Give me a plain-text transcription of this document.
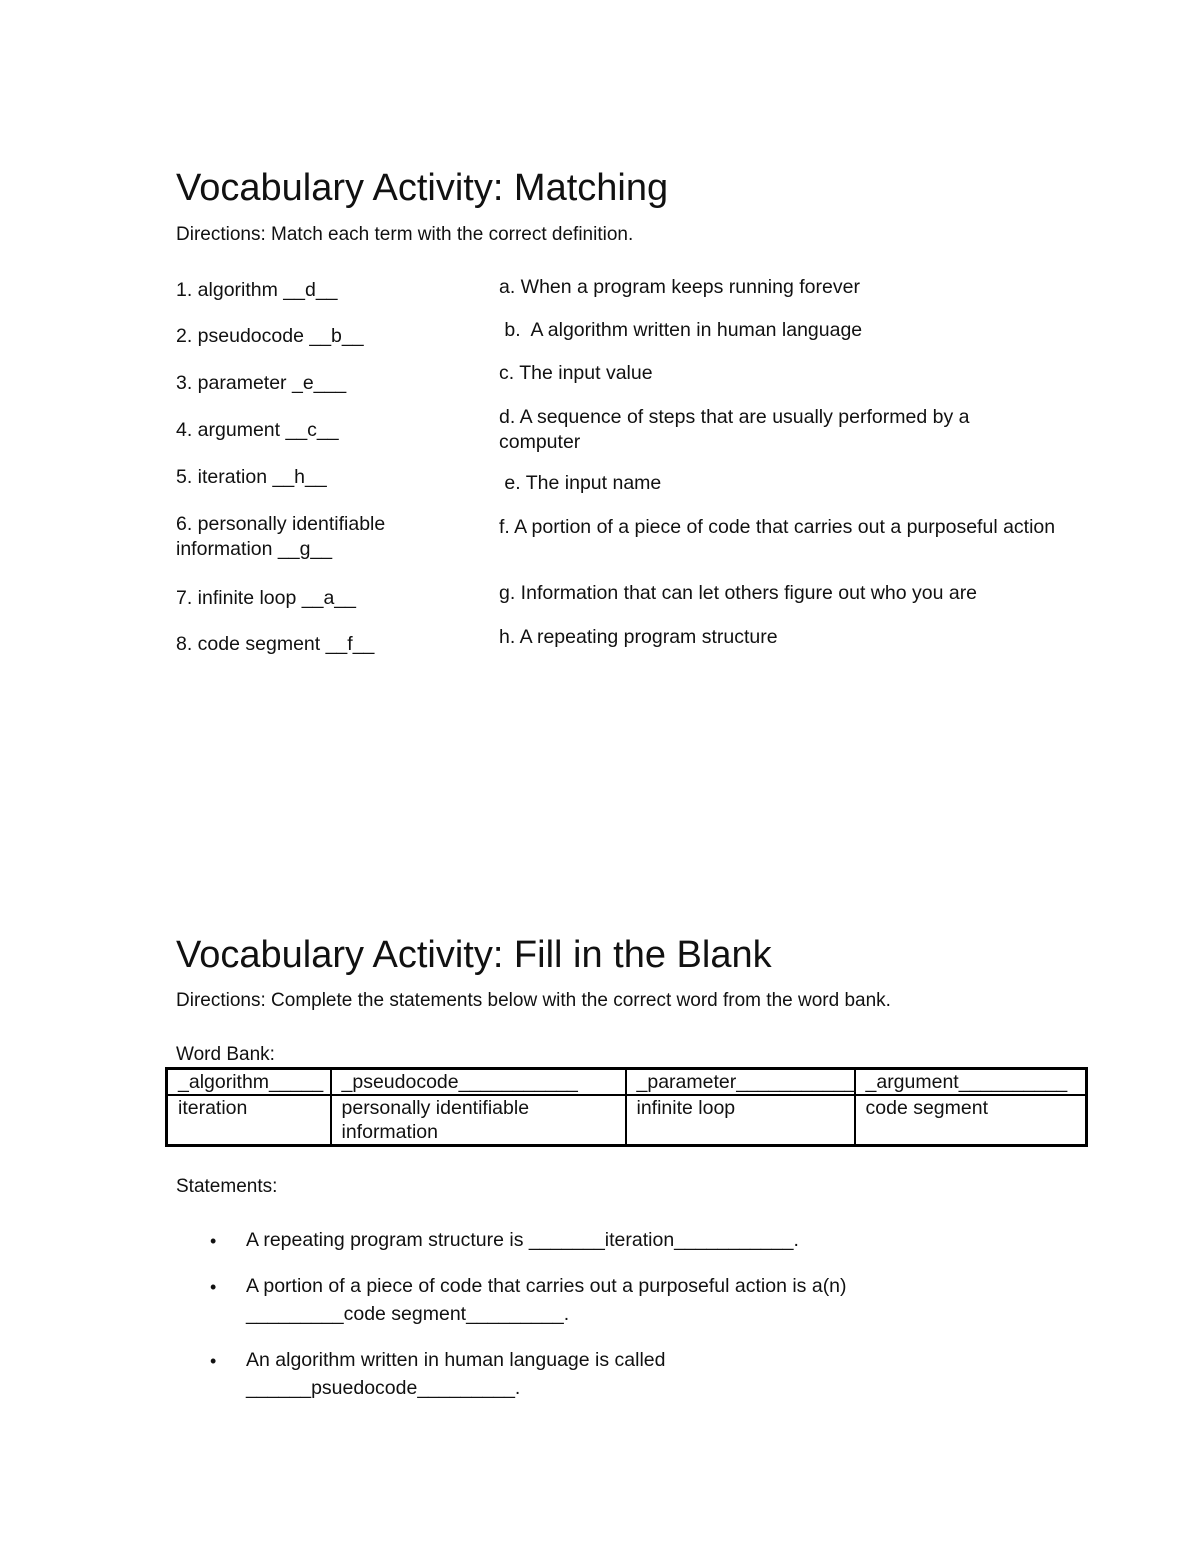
Vocabulary Activity: Matching
Directions: Match each term with the correct definition.
1. algorithm __d__
2. pseudocode __b__
3. parameter _e___
4. argument __c__
5. iteration __h__
6. personally identifiable information __g__
7. infinite loop __a__
8. code segment __f__
a. When a program keeps running forever
b.  A algorithm written in human language
c. The input value
d. A sequence of steps that are usually performed by a computer
e. The input name
f. A portion of a piece of code that carries out a purposeful action
g. Information that can let others figure out who you are
h. A repeating program structure
Vocabulary Activity: Fill in the Blank
Directions: Complete the statements below with the correct word from the word bank.
Word Bank:
_algorithm_____	_pseudocode___________	_parameter___________	_argument__________
iteration	personally identifiable information	infinite loop	code segment
Statements:
• A repeating program structure is _______iteration___________.
• A portion of a piece of code that carries out a purposeful action is a(n) _________code segment_________.
• An algorithm written in human language is called ______psuedocode_________.
